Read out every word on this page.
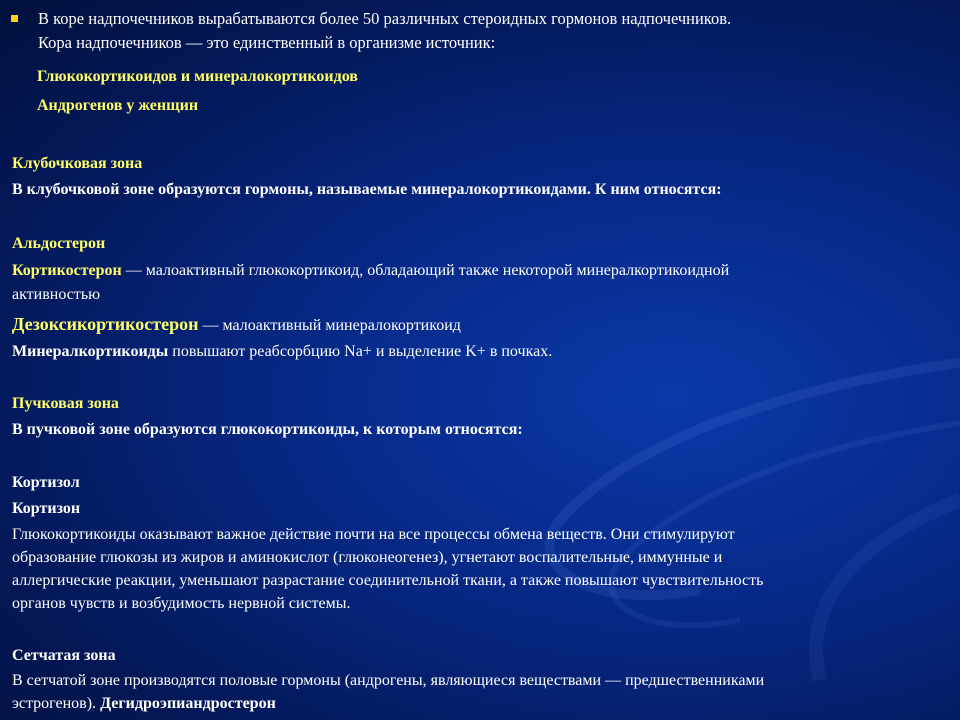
В коре надпочечников вырабатываются более 50 различных стероидных гормонов надпочечников.

Кора надпочечников — это единственный в организме источник:

Глюкокортикоидов и минералокортикоидов

Андрогенов у женщин

Клубочковая зона

В клубочковой зоне образуются гормоны, называемые минералокортикоидами. К ним относятся:

Альдостерон

Кортикостерон — малоактивный глюкокортикоид, обладающий также некоторой минералкортикоидной

активностью

Дезоксикортикостерон — малоактивный минералокортикоид

Минералкортикоиды повышают реабсорбцию Na+ и выделение K+ в почках.

Пучковая зона

В пучковой зоне образуются глюкокортикоиды, к которым относятся:

Кортизол

Кортизон

Глюкокортикоиды оказывают важное действие почти на все процессы обмена веществ. Они стимулируют

образование глюкозы из жиров и аминокислот (глюконеогенез), угнетают воспалительные, иммунные и

аллергические реакции, уменьшают разрастание соединительной ткани, а также повышают чувствительность

органов чувств и возбудимость нервной системы.

Сетчатая зона

В сетчатой зоне производятся половые гормоны (андрогены, являющиеся веществами — предшественниками

эстрогенов). Дегидроэпиандростерон
